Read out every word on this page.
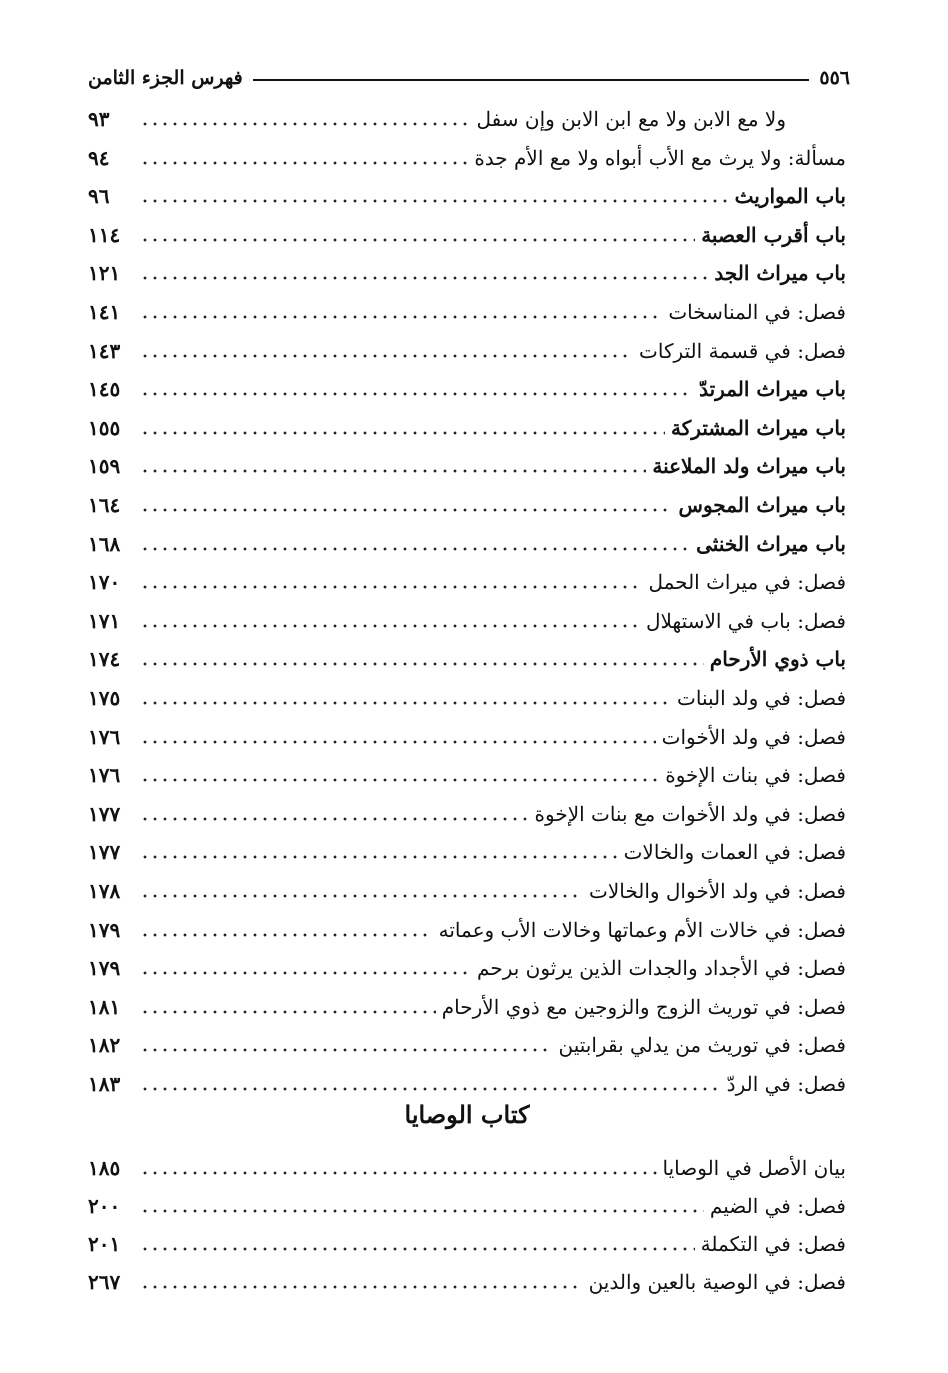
٥٥٦
فهرس الجزء الثامن
ولا مع الابن ولا مع ابن الابن وإن سفل
٩٣
مسألة: ولا يرث مع الأب أبواه ولا مع الأم جدة
٩٤
باب المواريث
٩٦
باب أقرب العصبة
١١٤
باب ميراث الجد
١٢١
فصل: في المناسخات
١٤١
فصل: في قسمة التركات
١٤٣
باب ميراث المرتدّ
١٤٥
باب ميراث المشتركة
١٥٥
باب ميراث ولد الملاعنة
١٥٩
باب ميراث المجوس
١٦٤
باب ميراث الخنثى
١٦٨
فصل: في ميراث الحمل
١٧٠
فصل: باب في الاستهلال
١٧١
باب ذوي الأرحام
١٧٤
فصل: في ولد البنات
١٧٥
فصل: في ولد الأخوات
١٧٦
فصل: في بنات الإخوة
١٧٦
فصل: في ولد الأخوات مع بنات الإخوة
١٧٧
فصل: في العمات والخالات
١٧٧
فصل: في ولد الأخوال والخالات
١٧٨
فصل: في خالات الأم وعماتها وخالات الأب وعماته
١٧٩
فصل: في الأجداد والجدات الذين يرثون برحم
١٧٩
فصل: في توريث الزوج والزوجين مع ذوي الأرحام
١٨١
فصل: في توريث من يدلي بقرابتين
١٨٢
فصل: في الردّ
١٨٣
كتاب الوصايا
بيان الأصل في الوصايا
١٨٥
فصل: في الضيم
٢٠٠
فصل: في التكملة
٢٠١
فصل: في الوصية بالعين والدين
٢٦٧
